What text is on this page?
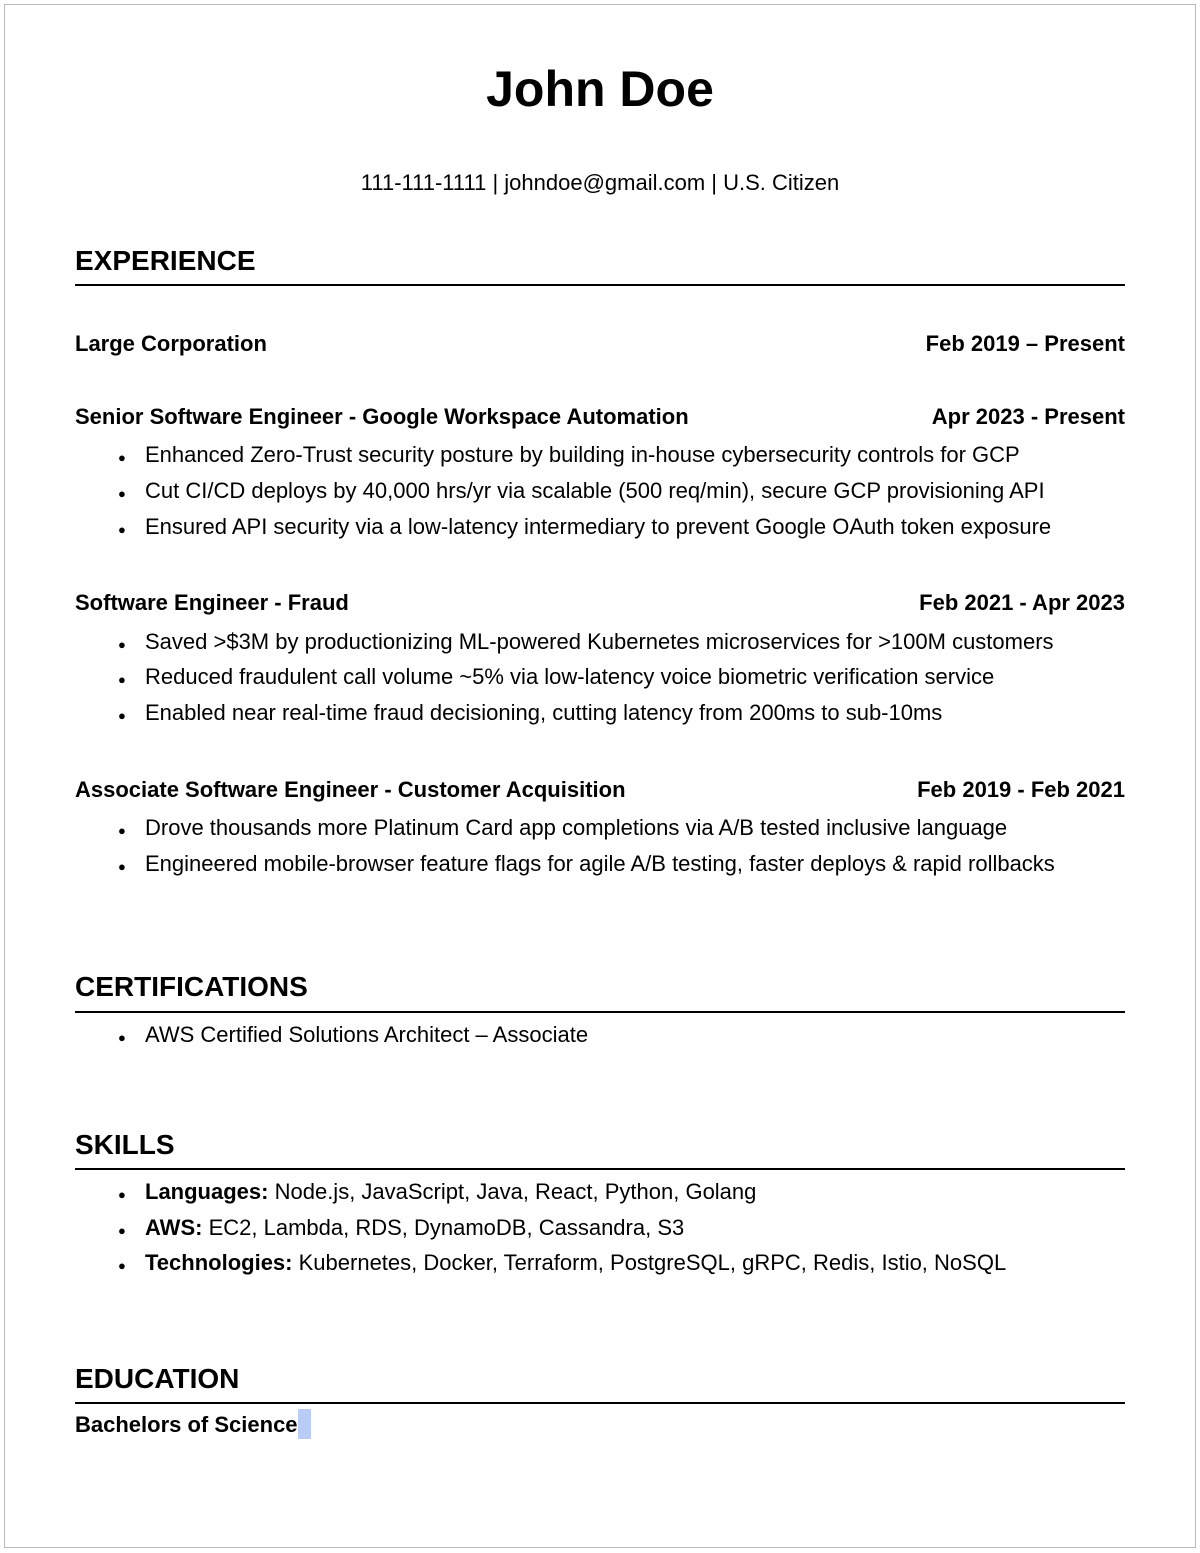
John Doe
111-111-1111 | johndoe@gmail.com | U.S. Citizen
EXPERIENCE
Large Corporation	Feb 2019 – Present
Senior Software Engineer - Google Workspace Automation	Apr 2023 - Present
● Enhanced Zero-Trust security posture by building in-house cybersecurity controls for GCP
● Cut CI/CD deploys by 40,000 hrs/yr via scalable (500 req/min), secure GCP provisioning API
● Ensured API security via a low-latency intermediary to prevent Google OAuth token exposure
Software Engineer - Fraud	Feb 2021 - Apr 2023
● Saved >$3M by productionizing ML-powered Kubernetes microservices for >100M customers
● Reduced fraudulent call volume ~5% via low-latency voice biometric verification service
● Enabled near real-time fraud decisioning, cutting latency from 200ms to sub-10ms
Associate Software Engineer - Customer Acquisition	Feb 2019 - Feb 2021
● Drove thousands more Platinum Card app completions via A/B tested inclusive language
● Engineered mobile-browser feature flags for agile A/B testing, faster deploys & rapid rollbacks
CERTIFICATIONS
● AWS Certified Solutions Architect – Associate
SKILLS
● Languages: Node.js, JavaScript, Java, React, Python, Golang
● AWS: EC2, Lambda, RDS, DynamoDB, Cassandra, S3
● Technologies: Kubernetes, Docker, Terraform, PostgreSQL, gRPC, Redis, Istio, NoSQL
EDUCATION
Bachelors of Science
